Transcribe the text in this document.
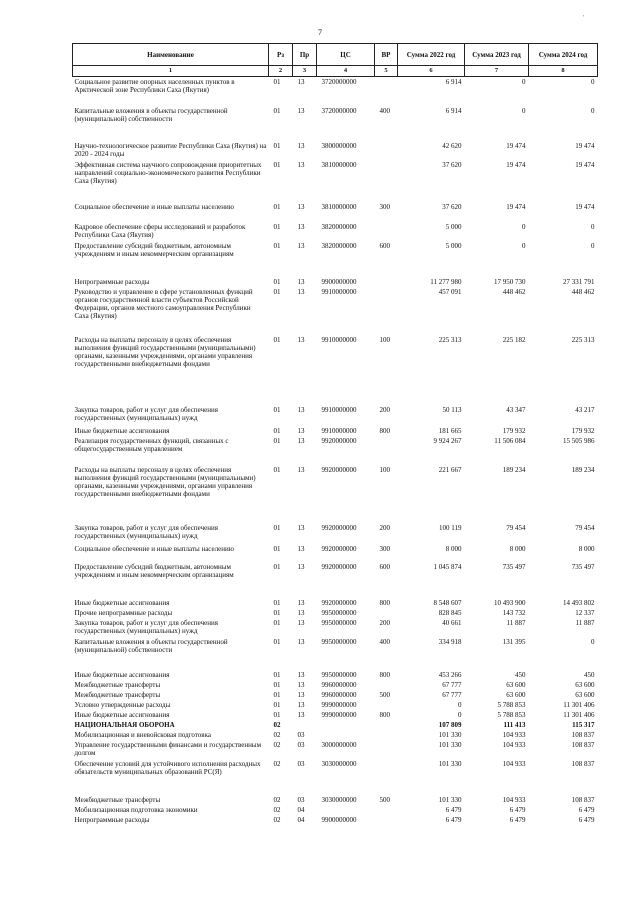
7
'
Наименование	Рз	Пр	ЦС	ВР	Сумма 2022 год	Сумма 2023 год	Сумма 2024 год
1	2	3	4	5	6	7	8
Социальное развитие опорных населенных пунктов в Арктической зоне Республики Саха (Якутия)	01	13	3720000000		6 914	0	0
Капитальные вложения в объекты государственной (муниципальной) собственности	01	13	3720000000	400	6 914	0	0
Научно-технологическое развитие Республики Саха (Якутия) на 2020 - 2024 годы	01	13	3800000000		42 620	19 474	19 474
Эффективная система научного сопровождения приоритетных направлений социально-экономического развития Республики Саха (Якутия)	01	13	3810000000		37 620	19 474	19 474
Социальное обеспечение и иные выплаты населению	01	13	3810000000	300	37 620	19 474	19 474
Кадровое обеспечение сферы исследований и разработок Республики Саха (Якутия)	01	13	3820000000		5 000	0	0
Предоставление субсидий бюджетным, автономным учреждениям и иным некоммерческим организациям	01	13	3820000000	600	5 000	0	0
Непрограммные расходы	01	13	9900000000		11 277 980	17 950 730	27 331 791
Руководство и управление в сфере установленных функций органов государственной власти субъектов Российской Федерации, органов местного самоуправления Республики Саха (Якутия)	01	13	9910000000		457 091	448 462	448 462
Расходы на выплаты персоналу в целях обеспечения выполнения функций государственными (муниципальными) органами, казенными учреждениями, органами управления государственными внебюджетными фондами	01	13	9910000000	100	225 313	225 182	225 313
Закупка товаров, работ и услуг для обеспечения государственных (муниципальных) нужд	01	13	9910000000	200	50 113	43 347	43 217
Иные бюджетные ассигнования	01	13	9910000000	800	181 665	179 932	179 932
Реализация государственных функций, связанных с общегосударственным управлением	01	13	9920000000		9 924 267	11 506 084	15 505 986
Расходы на выплаты персоналу в целях обеспечения выполнения функций государственными (муниципальными) органами, казенными учреждениями, органами управления государственными внебюджетными фондами	01	13	9920000000	100	221 667	189 234	189 234
Закупка товаров, работ и услуг для обеспечения государственных (муниципальных) нужд	01	13	9920000000	200	100 119	79 454	79 454
Социальное обеспечение и иные выплаты населению	01	13	9920000000	300	8 000	8 000	8 000
Предоставление субсидий бюджетным, автономным учреждениям и иным некоммерческим организациям	01	13	9920000000	600	1 045 874	735 497	735 497
Иные бюджетные ассигнования	01	13	9920000000	800	8 548 607	10 493 900	14 493 802
Прочие непрограммные расходы	01	13	9950000000		828 845	143 732	12 337
Закупка товаров, работ и услуг для обеспечения государственных (муниципальных) нужд	01	13	9950000000	200	40 661	11 887	11 887
Капитальные вложения в объекты государственной (муниципальной) собственности	01	13	9950000000	400	334 918	131 395	0
Иные бюджетные ассигнования	01	13	9950000000	800	453 266	450	450
Межбюджетные трансферты	01	13	9960000000		67 777	63 600	63 600
Межбюджетные трансферты	01	13	9960000000	500	67 777	63 600	63 600
Условно утвержденные расходы	01	13	9990000000		0	5 788 853	11 301 406
Иные бюджетные ассигнования	01	13	9990000000	800	0	5 788 853	11 301 406
НАЦИОНАЛЬНАЯ ОБОРОНА	02				107 809	111 413	115 317
Мобилизационная и вневойсковая подготовка	02	03			101 330	104 933	108 837
Управление государственными финансами и государственным долгом	02	03	3000000000		101 330	104 933	108 837
Обеспечение условий для устойчивого исполнения расходных обязательств муниципальных образований РС(Я)	02	03	3030000000		101 330	104 933	108 837
Межбюджетные трансферты	02	03	3030000000	500	101 330	104 933	108 837
Мобилизационная подготовка экономики	02	04			6 479	6 479	6 479
Непрограммные расходы	02	04	9900000000		6 479	6 479	6 479
